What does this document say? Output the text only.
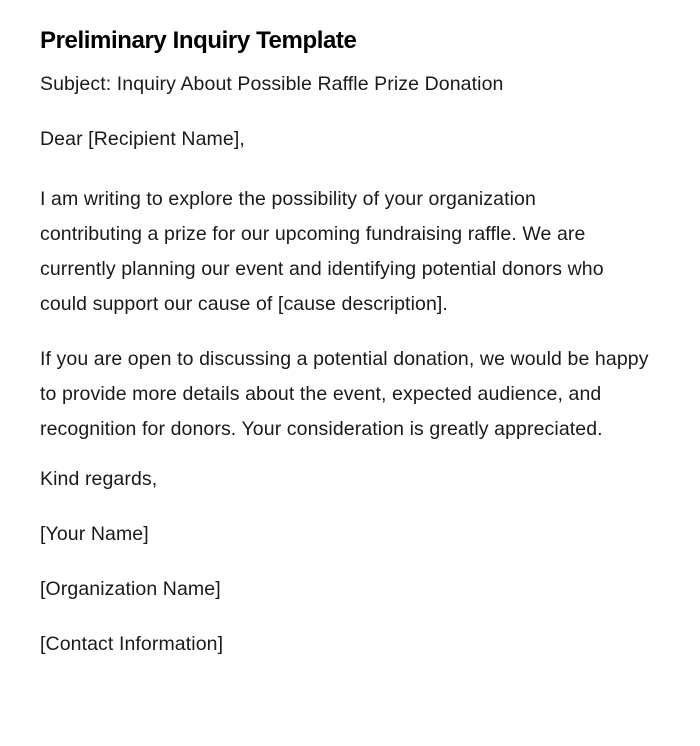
Preliminary Inquiry Template

Subject: Inquiry About Possible Raffle Prize Donation

Dear [Recipient Name],

I am writing to explore the possibility of your organization contributing a prize for our upcoming fundraising raffle. We are currently planning our event and identifying potential donors who could support our cause of [cause description].

If you are open to discussing a potential donation, we would be happy to provide more details about the event, expected audience, and recognition for donors. Your consideration is greatly appreciated.

Kind regards,

[Your Name]

[Organization Name]

[Contact Information]
